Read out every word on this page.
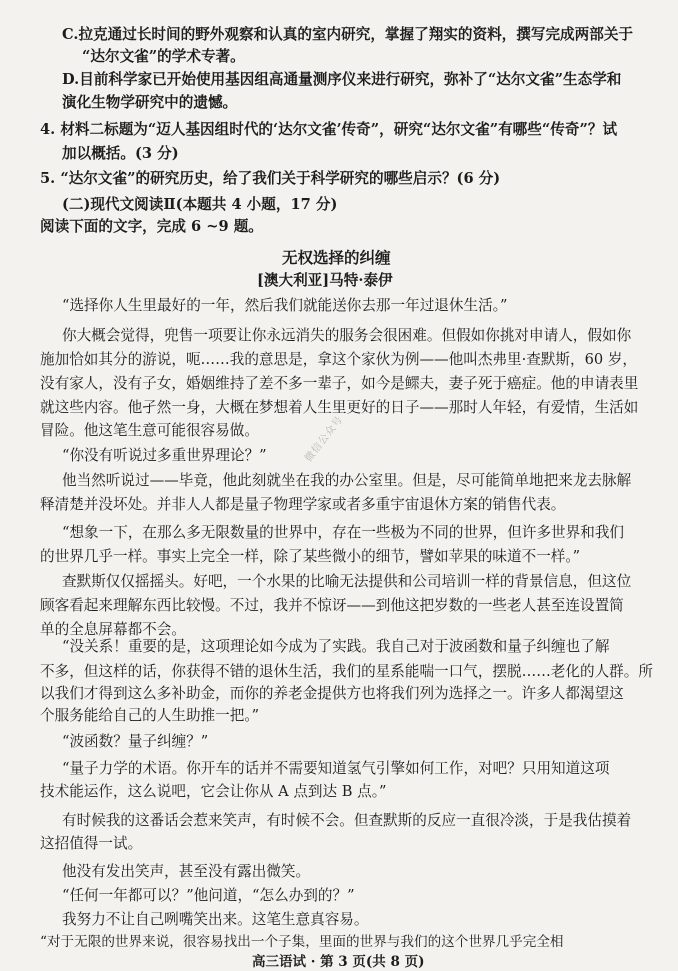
C.拉克通过长时间的野外观察和认真的室内研究，掌握了翔实的资料，撰写完成两部关于
“达尔文雀”的学术专著。
D.目前科学家已开始使用基因组高通量测序仪来进行研究，弥补了“达尔文雀”生态学和
演化生物学研究中的遗憾。
4. 材料二标题为“迈人基因组时代的‘达尔文雀’传奇”，研究“达尔文雀”有哪些“传奇”？试
加以概括。(3 分)
5. “达尔文雀”的研究历史，给了我们关于科学研究的哪些启示？(6 分)
(二)现代文阅读Ⅱ(本题共 4 小题，17 分)
阅读下面的文字，完成 6 ~9 题。
无权选择的纠缠
[澳大利亚]马特·泰伊
“选择你人生里最好的一年，然后我们就能送你去那一年过退休生活。”
你大概会觉得，兜售一项要让你永远消失的服务会很困难。但假如你挑对申请人，假如你
施加恰如其分的游说，呃……我的意思是，拿这个家伙为例——他叫杰弗里·查默斯，60 岁，
没有家人，没有子女，婚姻维持了差不多一辈子，如今是鳏夫，妻子死于癌症。他的申请表里
就这些内容。他孑然一身，大概在梦想着人生里更好的日子——那时人年轻，有爱情，生活如
冒险。他这笔生意可能很容易做。
“你没有听说过多重世界理论？”
他当然听说过——毕竟，他此刻就坐在我的办公室里。但是，尽可能简单地把来龙去脉解
释清楚并没坏处。并非人人都是量子物理学家或者多重宇宙退休方案的销售代表。
“想象一下，在那么多无限数量的世界中，存在一些极为不同的世界，但许多世界和我们
的世界几乎一样。事实上完全一样，除了某些微小的细节，譬如苹果的味道不一样。”
查默斯仅仅摇摇头。好吧，一个水果的比喻无法提供和公司培训一样的背景信息，但这位
顾客看起来理解东西比较慢。不过，我并不惊讶——到他这把岁数的一些老人甚至连设置简
单的全息屏幕都不会。
“没关系！重要的是，这项理论如今成为了实践。我自己对于波函数和量子纠缠也了解
不多，但这样的话，你获得不错的退休生活，我们的星系能喘一口气，摆脱……老化的人群。所
以我们才得到这么多补助金，而你的养老金提供方也将我们列为选择之一。许多人都渴望这
个服务能给自己的人生助推一把。”
“波函数？量子纠缠？”
“量子力学的术语。你开车的话并不需要知道氢气引擎如何工作，对吧？只用知道这项
技术能运作，这么说吧，它会让你从 A 点到达 B 点。”
有时候我的这番话会惹来笑声，有时候不会。但查默斯的反应一直很冷淡，于是我估摸着
这招值得一试。
他没有发出笑声，甚至没有露出微笑。
“任何一年都可以？”他问道，“怎么办到的？”
我努力不让自己咧嘴笑出来。这笔生意真容易。
“对于无限的世界来说，很容易找出一个子集，里面的世界与我们的这个世界几乎完全相
高三语试 · 第 3 页(共 8 页)
微信公众号
